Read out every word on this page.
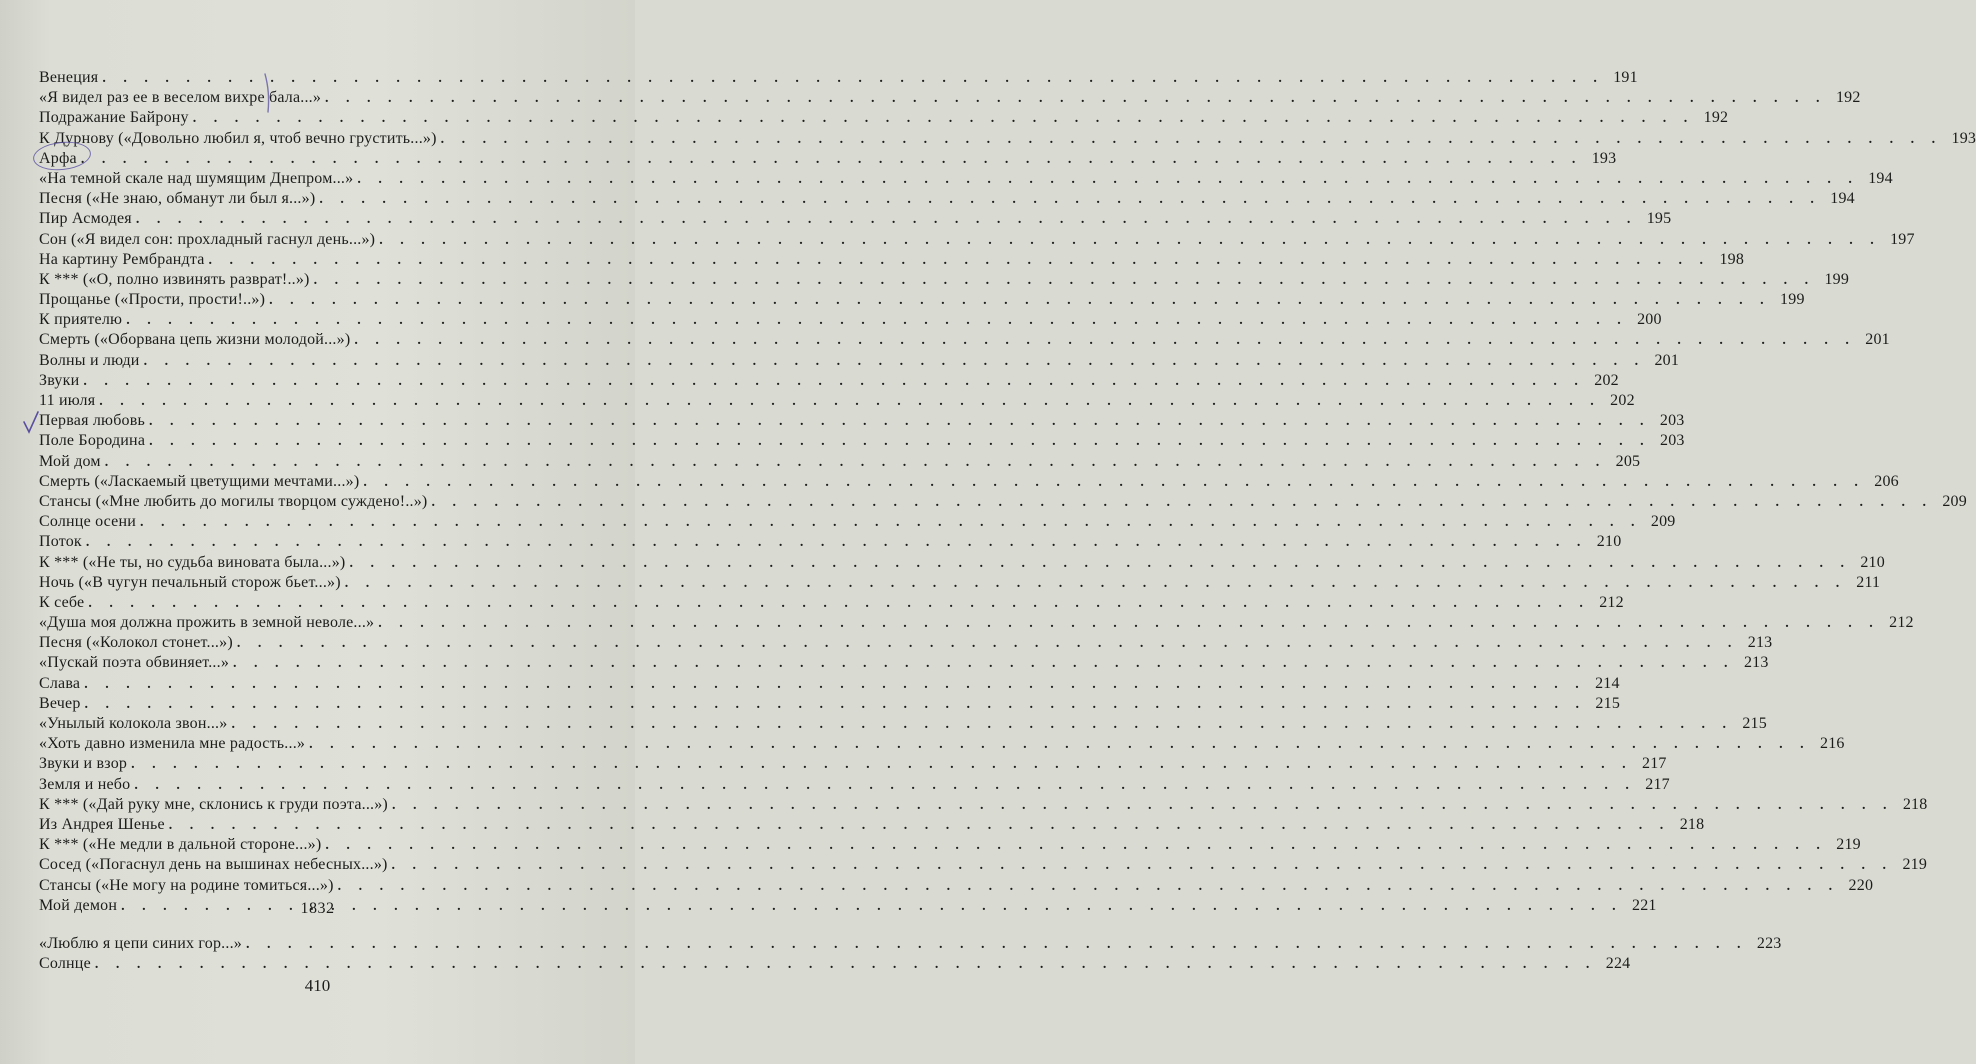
Венеция . . .	191
«Я видел раз ее в веселом вихре бала...» . . .	192
Подражание Байрону . . .	192
К Дурнову («Довольно любил я, чтоб вечно грустить...») . . .	193
Арфа . . .	193
«На темной скале над шумящим Днепром...» . . .	194
Песня («Не знаю, обманут ли был я...») . . .	194
Пир Асмодея . . .	195
Сон («Я видел сон: прохладный гаснул день...») . . .	197
На картину Рембрандта . . .	198
К *** («О, полно извинять разврат!..») . . .	199
Прощанье («Прости, прости!..») . . .	199
К приятелю . . .	200
Смерть («Оборвана цепь жизни молодой...») . . .	201
Волны и люди . . .	201
Звуки . . .	202
11 июля . . .	202
Первая любовь . . .	203
Поле Бородина . . .	203
Мой дом . . .	205
Смерть («Ласкаемый цветущими мечтами...») . . .	206
Стансы («Мне любить до могилы творцом суждено!..») . . .	209
Солнце осени . . .	209
Поток . . .	210
К *** («Не ты, но судьба виновата была...») . . .	210
Ночь («В чугун печальный сторож бьет...») . . .	211
К себе . . .	212
«Душа моя должна прожить в земной неволе...» . . .	212
Песня («Колокол стонет...») . . .	213
«Пускай поэта обвиняет...» . . .	213
Слава . . .	214
Вечер . . .	215
«Унылый колокола звон...» . . .	215
«Хоть давно изменила мне радость...» . . .	216
Звуки и взор . . .	217
Земля и небо . . .	217
К *** («Дай руку мне, склонись к груди поэта...») . . .	218
Из Андрея Шенье . . .	218
К *** («Не медли в дальной стороне...») . . .	219
Сосед («Погаснул день на вышинах небесных...») . . .	219
Стансы («Не могу на родине томиться...») . . .	220
Мой демон . . .	221
1832
«Люблю я цепи синих гор...» . . .	223
Солнце . . .	224
410
